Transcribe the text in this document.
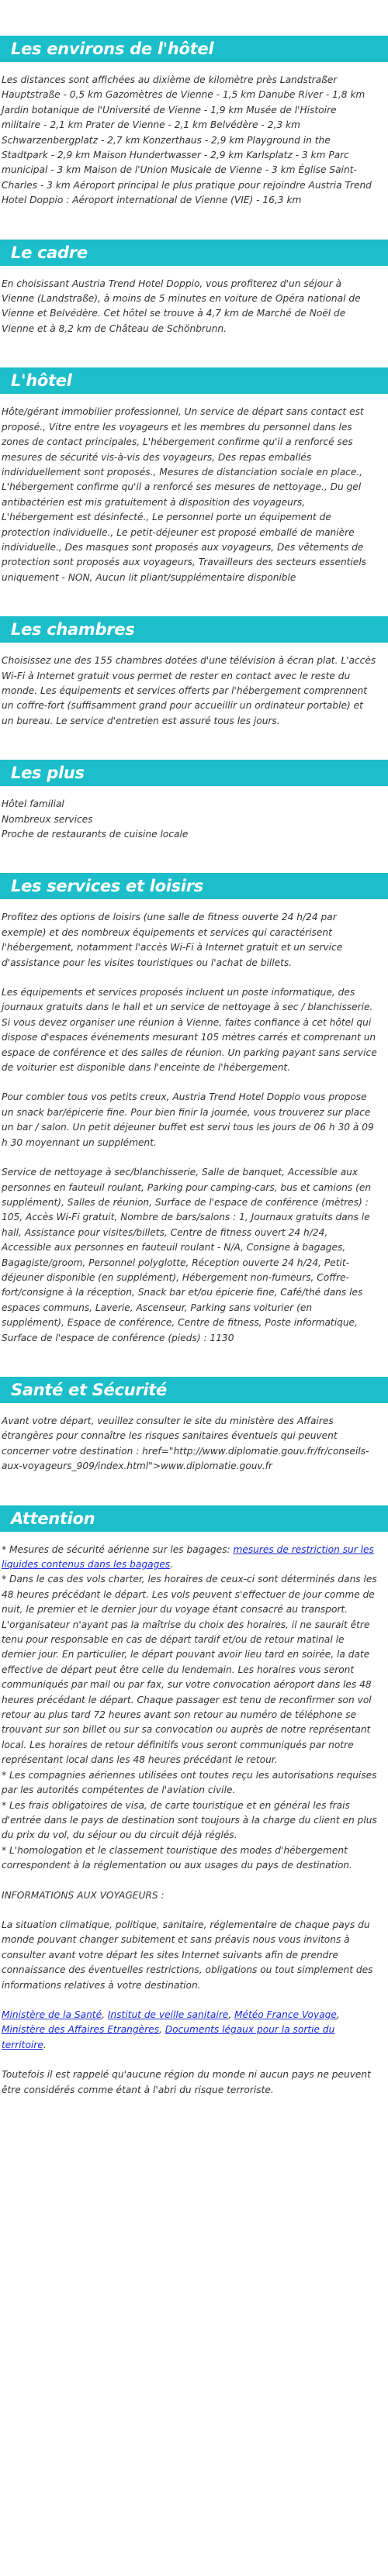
Les environs de l'hôtel

Les distances sont affichées au dixième de kilomètre près Landstraßer Hauptstraße - 0,5 km Gazomètres de Vienne - 1,5 km Danube River - 1,8 km Jardin botanique de l'Université de Vienne - 1,9 km Musée de l'Histoire militaire - 2,1 km Prater de Vienne - 2,1 km Belvédère - 2,3 km Schwarzenbergplatz - 2,7 km Konzerthaus - 2,9 km Playground in the Stadtpark - 2,9 km Maison Hundertwasser - 2,9 km Karlsplatz - 3 km Parc municipal - 3 km Maison de l'Union Musicale de Vienne - 3 km Église Saint-Charles - 3 km Aéroport principal le plus pratique pour rejoindre Austria Trend Hotel Doppio : Aéroport international de Vienne (VIE) - 16,3 km

Le cadre

En choisissant Austria Trend Hotel Doppio, vous profiterez d'un séjour à Vienne (Landstraße), à moins de 5 minutes en voiture de Opéra national de Vienne et Belvédère. Cet hôtel se trouve à 4,7 km de Marché de Noël de Vienne et à 8,2 km de Château de Schönbrunn.

L'hôtel

Hôte/gérant immobilier professionnel, Un service de départ sans contact est proposé., Vitre entre les voyageurs et les membres du personnel dans les zones de contact principales, L'hébergement confirme qu'il a renforcé ses mesures de sécurité vis-à-vis des voyageurs, Des repas emballés individuellement sont proposés., Mesures de distanciation sociale en place., L'hébergement confirme qu'il a renforcé ses mesures de nettoyage., Du gel antibactérien est mis gratuitement à disposition des voyageurs, L'hébergement est désinfecté., Le personnel porte un équipement de protection individuelle., Le petit-déjeuner est proposé emballé de manière individuelle., Des masques sont proposés aux voyageurs, Des vêtements de protection sont proposés aux voyageurs, Travailleurs des secteurs essentiels uniquement - NON, Aucun lit pliant/supplémentaire disponible

Les chambres

Choisissez une des 155 chambres dotées d'une télévision à écran plat. L'accès Wi-Fi à Internet gratuit vous permet de rester en contact avec le reste du monde. Les équipements et services offerts par l'hébergement comprennent un coffre-fort (suffisamment grand pour accueillir un ordinateur portable) et un bureau. Le service d'entretien est assuré tous les jours.

Les plus
Hôtel familial
Nombreux services
Proche de restaurants de cuisine locale
Les services et loisirs

Profitez des options de loisirs (une salle de fitness ouverte 24 h/24 par exemple) et des nombreux équipements et services qui caractérisent l'hébergement, notamment l'accès Wi-Fi à Internet gratuit et un service d'assistance pour les visites touristiques ou l'achat de billets.

Les équipements et services proposés incluent un poste informatique, des journaux gratuits dans le hall et un service de nettoyage à sec / blanchisserie. Si vous devez organiser une réunion à Vienne, faites confiance à cet hôtel qui dispose d'espaces événements mesurant 105 mètres carrés et comprenant un espace de conférence et des salles de réunion. Un parking payant sans service de voiturier est disponible dans l'enceinte de l'hébergement.

Pour combler tous vos petits creux, Austria Trend Hotel Doppio vous propose un snack bar/épicerie fine. Pour bien finir la journée, vous trouverez sur place un bar / salon. Un petit déjeuner buffet est servi tous les jours de 06 h 30 à 09 h 30 moyennant un supplément.

Service de nettoyage à sec/blanchisserie, Salle de banquet, Accessible aux personnes en fauteuil roulant, Parking pour camping-cars, bus et camions (en supplément), Salles de réunion, Surface de l'espace de conférence (mètres) : 105, Accès Wi-Fi gratuit, Nombre de bars/salons : 1, Journaux gratuits dans le hall, Assistance pour visites/billets, Centre de fitness ouvert 24 h/24, Accessible aux personnes en fauteuil roulant - N/A, Consigne à bagages, Bagagiste/groom, Personnel polyglotte, Réception ouverte 24 h/24, Petit-déjeuner disponible (en supplément), Hébergement non-fumeurs, Coffre-fort/consigne à la réception, Snack bar et/ou épicerie fine, Café/thé dans les espaces communs, Laverie, Ascenseur, Parking sans voiturier (en supplément), Espace de conférence, Centre de fitness, Poste informatique, Surface de l'espace de conférence (pieds) : 1130

Santé et Sécurité

Avant votre départ, veuillez consulter le site du ministère des Affaires étrangères pour connaître les risques sanitaires éventuels qui peuvent concerner votre destination : href="http://www.diplomatie.gouv.fr/fr/conseils-aux-voyageurs_909/index.html">www.diplomatie.gouv.fr

Attention

* Mesures de sécurité aérienne sur les bagages: mesures de restriction sur les liquides contenus dans les bagages.

* Dans le cas des vols charter, les horaires de ceux-ci sont déterminés dans les 48 heures précédant le départ. Les vols peuvent s'effectuer de jour comme de nuit, le premier et le dernier jour du voyage étant consacré au transport. L'organisateur n'ayant pas la maîtrise du choix des horaires, il ne saurait être tenu pour responsable en cas de départ tardif et/ou de retour matinal le dernier jour. En particulier, le départ pouvant avoir lieu tard en soirée, la date effective de départ peut être celle du lendemain. Les horaires vous seront communiqués par mail ou par fax, sur votre convocation aéroport dans les 48 heures précédant le départ. Chaque passager est tenu de reconfirmer son vol retour au plus tard 72 heures avant son retour au numéro de téléphone se trouvant sur son billet ou sur sa convocation ou auprès de notre représentant local. Les horaires de retour définitifs vous seront communiqués par notre représentant local dans les 48 heures précédant le retour.

* Les compagnies aériennes utilisées ont toutes reçu les autorisations requises par les autorités compétentes de l'aviation civile.

* Les frais obligatoires de visa, de carte touristique et en général les frais d'entrée dans le pays de destination sont toujours à la charge du client en plus du prix du vol, du séjour ou du circuit déjà réglés.

* L'homologation et le classement touristique des modes d'hébergement correspondent à la réglementation ou aux usages du pays de destination.

INFORMATIONS AUX VOYAGEURS :

La situation climatique, politique, sanitaire, réglementaire de chaque pays du monde pouvant changer subitement et sans préavis nous vous invitons à consulter avant votre départ les sites Internet suivants afin de prendre connaissance des éventuelles restrictions, obligations ou tout simplement des informations relatives à votre destination.

Ministère de la Santé, Institut de veille sanitaire, Météo France Voyage, Ministère des Affaires Etrangères, Documents légaux pour la sortie du territoire.

Toutefois il est rappelé qu'aucune région du monde ni aucun pays ne peuvent être considérés comme étant à l'abri du risque terroriste.
